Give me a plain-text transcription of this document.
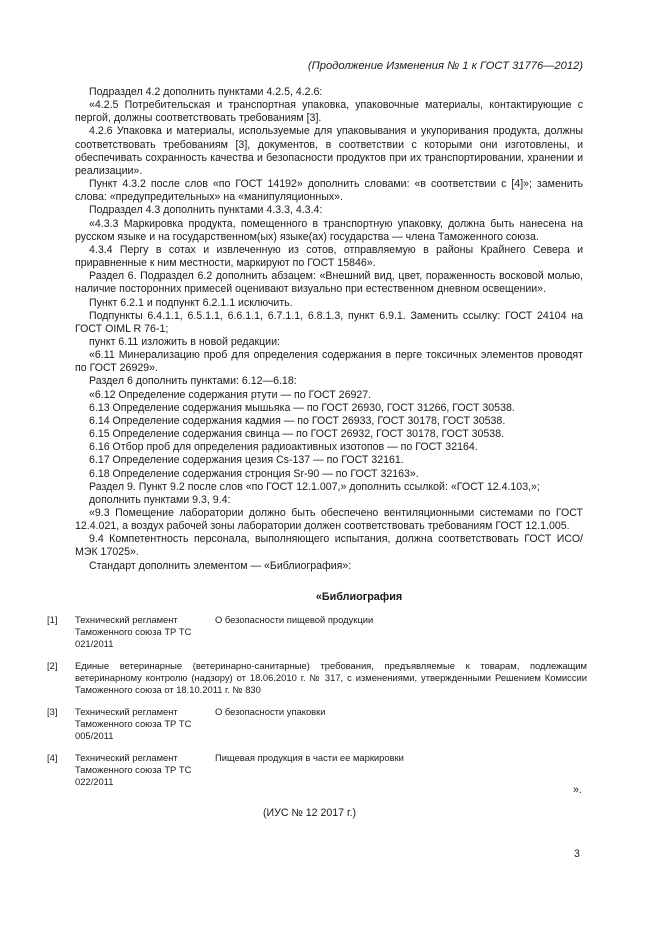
(Продолжение Изменения № 1 к ГОСТ 31776—2012)

Подраздел 4.2 дополнить пунктами 4.2.5, 4.2.6:

«4.2.5 Потребительская и транспортная упаковка, упаковочные материалы, контактирующие с пергой, должны соответствовать требованиям [3].

4.2.6 Упаковка и материалы, используемые для упаковывания и укупоривания продукта, должны соответствовать требованиям [3], документов, в соответствии с которыми они изготовлены, и обеспечивать сохранность качества и безопасности продуктов при их транспортировании, хранении и реализации».

Пункт 4.3.2 после слов «по ГОСТ 14192» дополнить словами: «в соответствии с [4]»; заменить слова: «предупредительных» на «манипуляционных».

Подраздел 4.3 дополнить пунктами 4.3.3, 4.3.4:

«4.3.3 Маркировка продукта, помещенного в транспортную упаковку, должна быть нанесена на русском языке и на государственном(ых) языке(ах) государства — члена Таможенного союза.

4.3.4 Пергу в сотах и извлеченную из сотов, отправляемую в районы Крайнего Севера и приравненные к ним местности, маркируют по ГОСТ 15846».

Раздел 6. Подраздел 6.2 дополнить абзацем: «Внешний вид, цвет, пораженность восковой молью, наличие посторонних примесей оценивают визуально при естественном дневном освещении».

Пункт 6.2.1 и подпункт 6.2.1.1 исключить.

Подпункты 6.4.1.1, 6.5.1.1, 6.6.1.1, 6.7.1.1, 6.8.1.3, пункт 6.9.1. Заменить ссылку: ГОСТ 24104 на ГОСТ OIML R 76-1;

пункт 6.11 изложить в новой редакции:

«6.11 Минерализацию проб для определения содержания в перге токсичных элементов проводят по ГОСТ 26929».

Раздел 6 дополнить пунктами: 6.12—6.18:

«6.12 Определение содержания ртути — по ГОСТ 26927.

6.13 Определение содержания мышьяка — по ГОСТ 26930, ГОСТ 31266, ГОСТ 30538.

6.14 Определение содержания кадмия — по ГОСТ 26933, ГОСТ 30178, ГОСТ 30538.

6.15 Определение содержания свинца — по ГОСТ 26932, ГОСТ 30178, ГОСТ 30538.

6.16 Отбор проб для определения радиоактивных изотопов — по ГОСТ 32164.

6.17 Определение содержания цезия Cs-137 — по ГОСТ 32161.

6.18 Определение содержания стронция Sr-90 — по ГОСТ 32163».

Раздел 9. Пункт 9.2 после слов «по ГОСТ 12.1.007,» дополнить ссылкой: «ГОСТ 12.4.103,»;

дополнить пунктами 9.3, 9.4:

«9.3 Помещение лаборатории должно быть обеспечено вентиляционными системами по ГОСТ 12.4.021, а воздух рабочей зоны лаборатории должен соответствовать требованиям ГОСТ 12.1.005.

9.4 Компетентность персонала, выполняющего испытания, должна соответствовать ГОСТ ИСО/МЭК 17025».

Стандарт дополнить элементом — «Библиография»:

«Библиография
[1] Технический регламент Таможенного союза ТР ТС 021/2011О безопасности пищевой продукции
[2] Единые ветеринарные (ветеринарно-санитарные) требования, предъявляемые к товарам, подлежащим ветеринарному контролю (надзору) от 18.06.2010 г. № 317, с изменениями, утвержденными Решением Комиссии Таможенного союза от 18.10.2011 г. № 830
[3] Технический регламент Таможенного союза ТР ТС 005/2011О безопасности упаковки
[4] Технический регламент Таможенного союза ТР ТС 022/2011Пищевая продукция в части ее маркировки
».
(ИУС № 12 2017 г.)
3
